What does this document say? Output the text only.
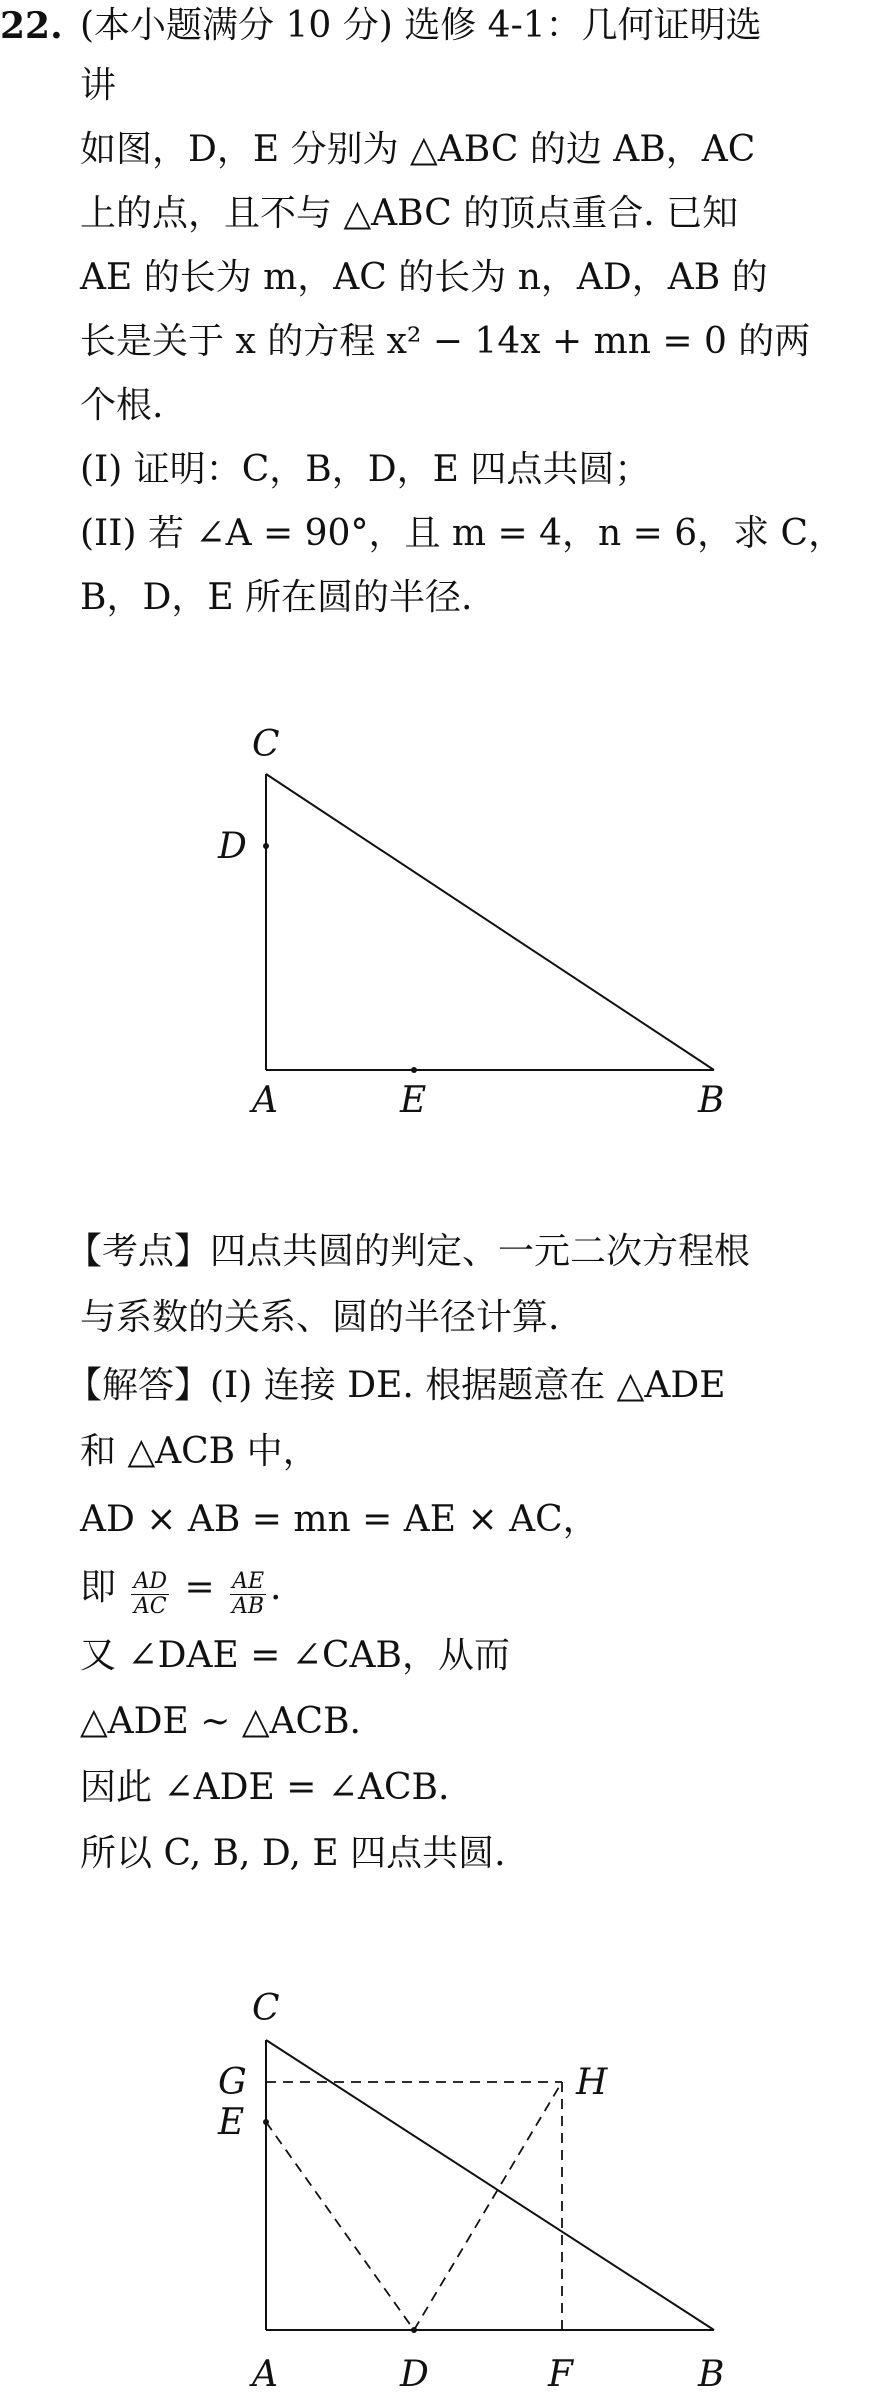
22. (本小题满分 10 分) 选修 4-1：几何证明选
讲
如图，D，E 分别为 △ABC 的边 AB，AC
上的点，且不与 △ABC 的顶点重合. 已知
AE 的长为 m，AC 的长为 n，AD，AB 的
长是关于 x 的方程 x² − 14x + mn = 0 的两
个根.
(I) 证明：C，B，D，E 四点共圆；
(II) 若 ∠A = 90°，且 m = 4，n = 6，求 C，
B，D，E 所在圆的半径.
C
D
A	E	B
【考点】四点共圆的判定、一元二次方程根
与系数的关系、圆的半径计算.
【解答】(I) 连接 DE. 根据题意在 △ADE
和 △ACB 中，
AD × AB = mn = AE × AC，
即 $\frac{AD}{AC} = \frac{AE}{AB}$ .
又 ∠DAE = ∠CAB，从而
△ADE ∼ △ACB.
因此 ∠ADE = ∠ACB.
所以 C, B, D, E 四点共圆.
C
G	H
E
A	D	F	B
